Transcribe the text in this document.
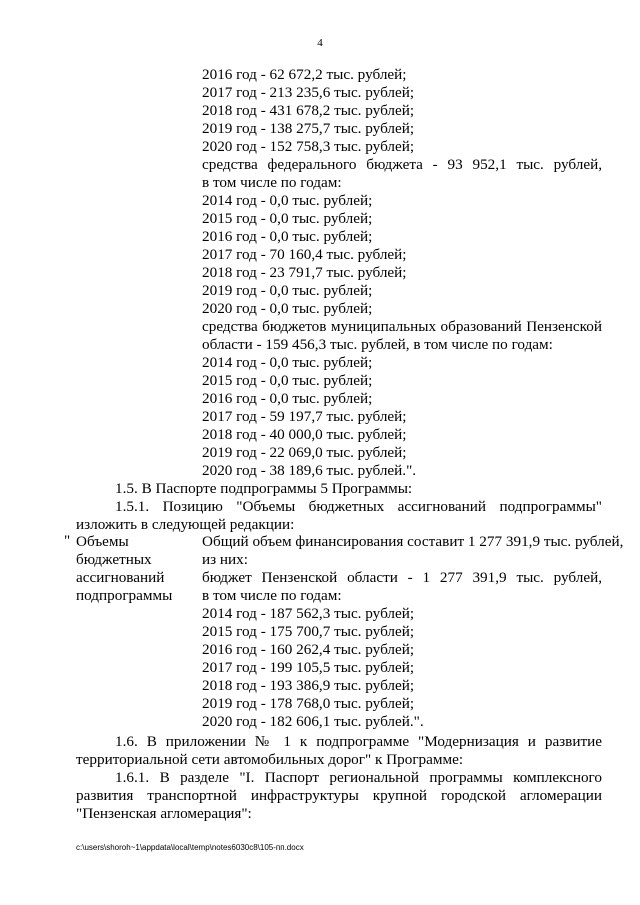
4
2016 год - 62 672,2 тыс. рублей;
2017 год - 213 235,6 тыс. рублей;
2018 год - 431 678,2 тыс. рублей;
2019 год - 138 275,7 тыс. рублей;
2020 год - 152 758,3 тыс. рублей;
средства федерального бюджета - 93 952,1 тыс. рублей,
в том числе по годам:
2014 год - 0,0 тыс. рублей;
2015 год - 0,0 тыс. рублей;
2016 год - 0,0 тыс. рублей;
2017 год - 70 160,4 тыс. рублей;
2018 год - 23 791,7 тыс. рублей;
2019 год - 0,0 тыс. рублей;
2020 год - 0,0 тыс. рублей;
средства бюджетов муниципальных образований Пензенской
области - 159 456,3 тыс. рублей, в том числе по годам:
2014 год - 0,0 тыс. рублей;
2015 год - 0,0 тыс. рублей;
2016 год - 0,0 тыс. рублей;
2017 год - 59 197,7 тыс. рублей;
2018 год - 40 000,0 тыс. рублей;
2019 год - 22 069,0 тыс. рублей;
2020 год - 38 189,6 тыс. рублей.".
1.5. В Паспорте подпрограммы 5 Программы:
1.5.1. Позицию "Объемы бюджетных ассигнований подпрограммы"
изложить в следующей редакции:
" Объемы
бюджетных
ассигнований
подпрограммы
Общий объем финансирования составит 1 277 391,9 тыс. рублей,
из них:
бюджет Пензенской области - 1 277 391,9 тыс. рублей,
в том числе по годам:
2014 год - 187 562,3 тыс. рублей;
2015 год - 175 700,7 тыс. рублей;
2016 год - 160 262,4 тыс. рублей;
2017 год - 199 105,5 тыс. рублей;
2018 год - 193 386,9 тыс. рублей;
2019 год - 178 768,0 тыс. рублей;
2020 год - 182 606,1 тыс. рублей.".
1.6. В приложении № 1 к подпрограмме "Модернизация и развитие
территориальной сети автомобильных дорог" к Программе:
1.6.1. В разделе "I. Паспорт региональной программы комплексного
развития транспортной инфраструктуры крупной городской агломерации
"Пензенская агломерация":
c:\users\shoroh~1\appdata\local\temp\notes6030c8\105-пп.docx
